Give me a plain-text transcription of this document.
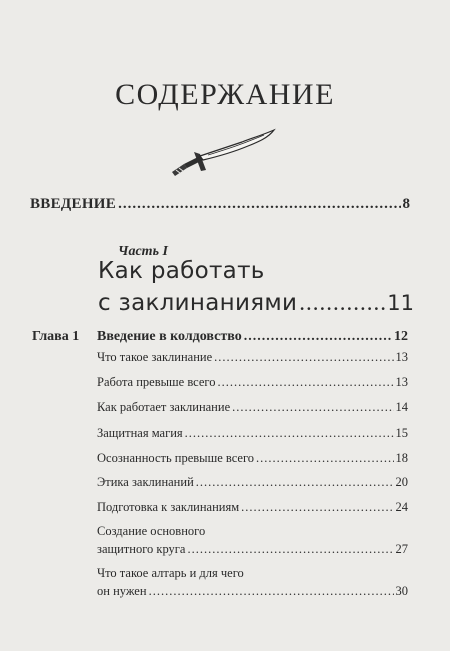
СОДЕРЖАНИЕ
ВВЕДЕНИЕ .....	8
Часть I
Как работать
с заклинаниями .....	11
Глава 1 Введение в колдовство .....	12
Что такое заклинание .....	13
Работа превыше всего .....	13
Как работает заклинание .....	14
Защитная магия .....	15
Осознанность превыше всего .....	18
Этика заклинаний .....	20
Подготовка к заклинаниям .....	24
Создание основного
защитного круга .....	27
Что такое алтарь и для чего
он нужен .....	30
